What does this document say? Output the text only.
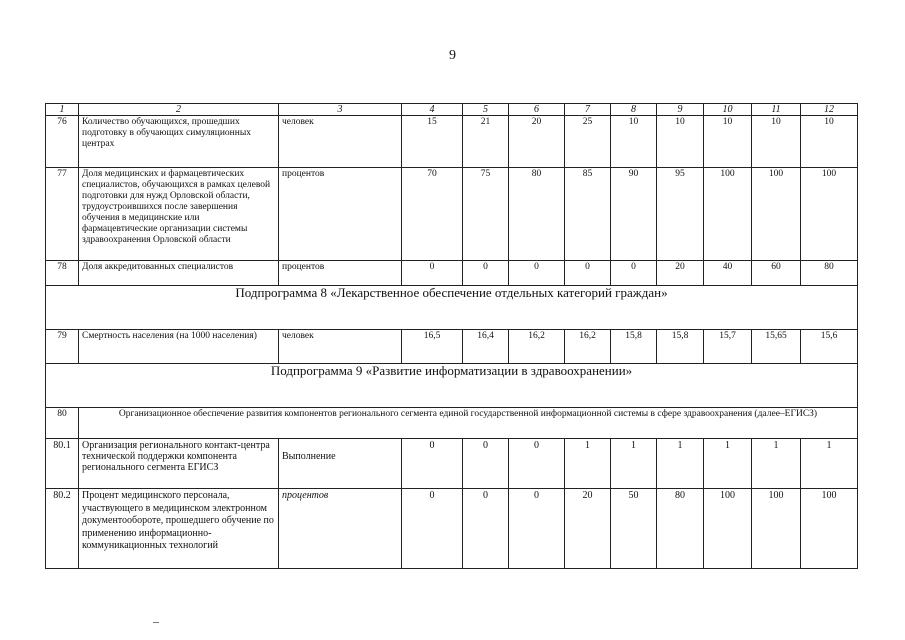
9
1	2	3	4	5	6	7	8	9	10	11	12
76	Количество обучающихся, прошедших подготовку в обучающих симуляционных центрах	человек	15	21	20	25	10	10	10	10	10
77	Доля медицинских и фармацевтических специалистов, обучающихся в рамках целевой подготовки для нужд Орловской области, трудоустроившихся после завершения обучения в медицинские или фармацевтические организации системы здравоохранения Орловской области	процентов	70	75	80	85	90	95	100	100	100
78	Доля аккредитованных специалистов	процентов	0	0	0	0	0	20	40	60	80
Подпрограмма 8 «Лекарственное обеспечение отдельных категорий граждан»											
79	Смертность населения (на 1000 населения)	человек	16,5	16,4	16,2	16,2	15,8	15,8	15,7	15,65	15,6
Подпрограмма 9 «Развитие информатизации в здравоохранении»											
80	Организационное обеспечение развития компонентов регионального сегмента единой государственной информационной системы в сфере здравоохранения (далее–ЕГИСЗ)										
80.1	Организация регионального контакт-центра технической поддержки компонента регионального сегмента ЕГИСЗ	Выполнение	0	0	0	1	1	1	1	1	1
80.2	Процент медицинского персонала, участвующего в медицинском электронном документообороте, прошедшего обучение по применению информационно-коммуникационных технологий	процентов	0	0	0	20	50	80	100	100	100
